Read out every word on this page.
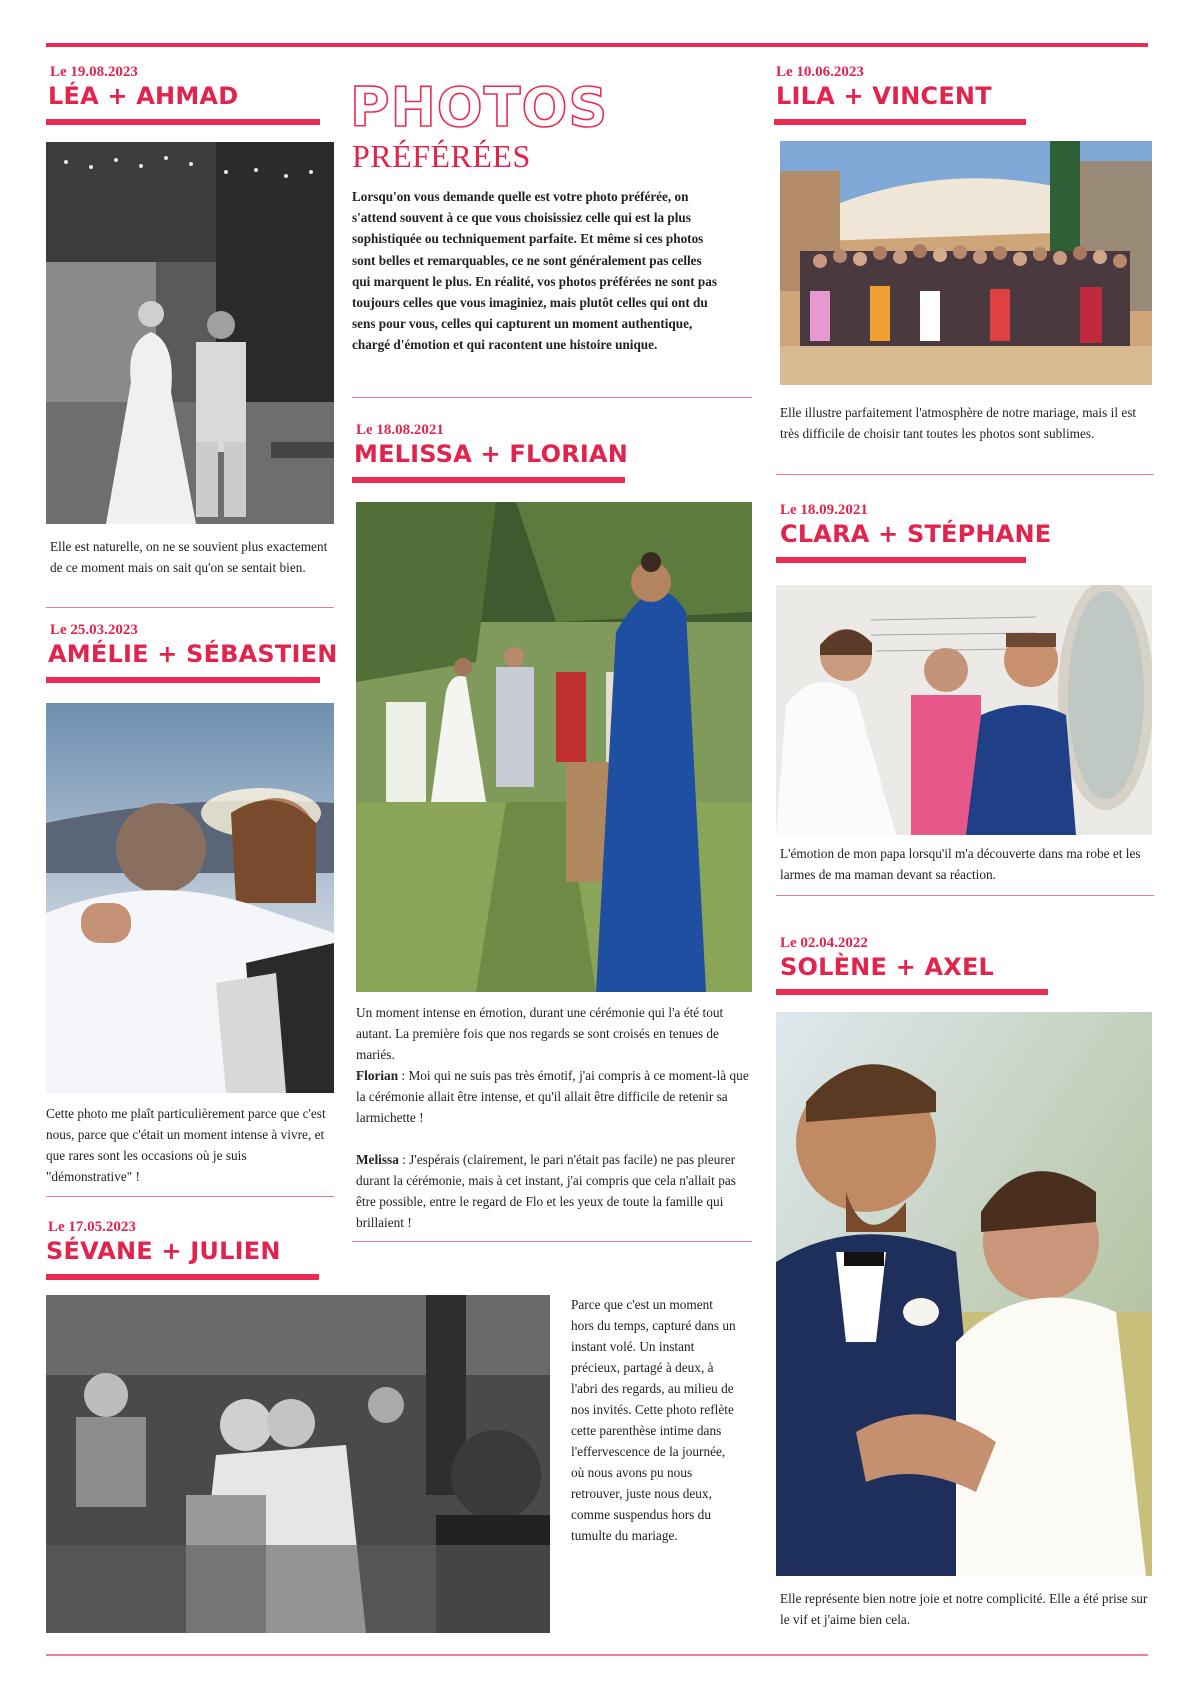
PHOTOS
PRÉFÉRÉES
Lorsqu'on vous demande quelle est votre photo préférée, on s'attend souvent à ce que vous choisissiez celle qui est la plus sophistiquée ou techniquement parfaite. Et même si ces photos sont belles et remarquables, ce ne sont généralement pas celles qui marquent le plus. En réalité, vos photos préférées ne sont pas toujours celles que vous imaginiez, mais plutôt celles qui ont du sens pour vous, celles qui capturent un moment authentique, chargé d'émotion et qui racontent une histoire unique.
Le 19.08.2023
LÉA + AHMAD
Elle est naturelle, on ne se souvient plus exactement de ce moment mais on sait qu'on se sentait bien.
Le 25.03.2023
AMÉLIE + SÉBASTIEN
Cette photo me plaît particulièrement parce que c'est nous, parce que c'était un moment intense à vivre, et que rares sont les occasions où je suis "démonstrative" !
Le 17.05.2023
SÉVANE + JULIEN
Parce que c'est un moment hors du temps, capturé dans un instant volé. Un instant précieux, partagé à deux, à l'abri des regards, au milieu de nos invités. Cette photo reflète cette parenthèse intime dans l'effervescence de la journée, où nous avons pu nous retrouver, juste nous deux, comme suspendus hors du tumulte du mariage.
Le 18.08.2021
MELISSA + FLORIAN
Un moment intense en émotion, durant une cérémonie qui l'a été tout autant. La première fois que nos regards se sont croisés en tenues de mariés.
Florian : Moi qui ne suis pas très émotif, j'ai compris à ce moment-là que la cérémonie allait être intense, et qu'il allait être difficile de retenir sa larmichette !

Melissa : J'espérais (clairement, le pari n'était pas facile) ne pas pleurer durant la cérémonie, mais à cet instant, j'ai compris que cela n'allait pas être possible, entre le regard de Flo et les yeux de toute la famille qui brillaient !
Le 10.06.2023
LILA + VINCENT
Elle illustre parfaitement l'atmosphère de notre mariage, mais il est très difficile de choisir tant toutes les photos sont sublimes.
Le 18.09.2021
CLARA + STÉPHANE
L'émotion de mon papa lorsqu'il m'a découverte dans ma robe et les larmes de ma maman devant sa réaction.
Le 02.04.2022
SOLÈNE + AXEL
Elle représente bien notre joie et notre complicité. Elle a été prise sur le vif et j'aime bien cela.
